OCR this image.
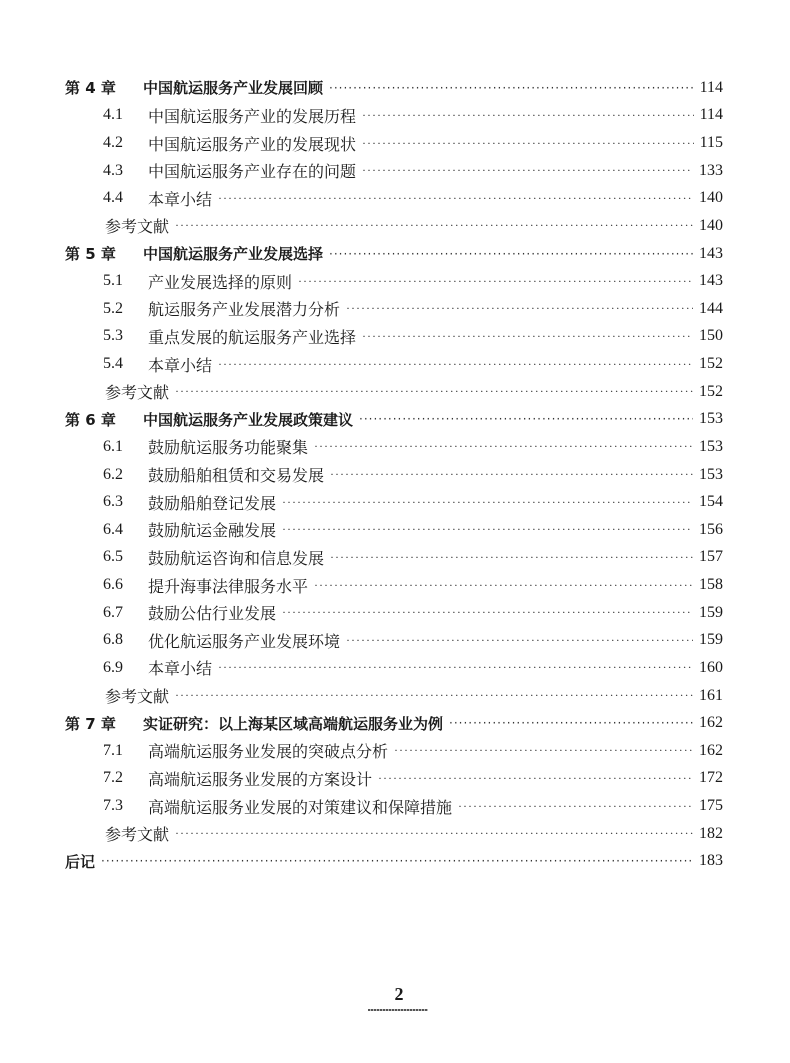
第 4 章	中国航运服务产业发展回顾 ·····	114
4.1	中国航运服务产业的发展历程 ·····	114
4.2	中国航运服务产业的发展现状 ·····	115
4.3	中国航运服务产业存在的问题 ·····	133
4.4	本章小结 ·····	140
参考文献 ·····	140
第 5 章	中国航运服务产业发展选择 ·····	143
5.1	产业发展选择的原则 ·····	143
5.2	航运服务产业发展潜力分析 ·····	144
5.3	重点发展的航运服务产业选择 ·····	150
5.4	本章小结 ·····	152
参考文献 ·····	152
第 6 章	中国航运服务产业发展政策建议 ·····	153
6.1	鼓励航运服务功能聚集 ·····	153
6.2	鼓励船舶租赁和交易发展 ·····	153
6.3	鼓励船舶登记发展 ·····	154
6.4	鼓励航运金融发展 ·····	156
6.5	鼓励航运咨询和信息发展 ·····	157
6.6	提升海事法律服务水平 ·····	158
6.7	鼓励公估行业发展 ·····	159
6.8	优化航运服务产业发展环境 ·····	159
6.9	本章小结 ·····	160
参考文献 ·····	161
第 7 章	实证研究：以上海某区域高端航运服务业为例 ·····	162
7.1	高端航运服务业发展的突破点分析 ·····	162
7.2	高端航运服务业发展的方案设计 ·····	172
7.3	高端航运服务业发展的对策建议和保障措施 ·····	175
参考文献 ·····	182
后记 ·····	183
2
